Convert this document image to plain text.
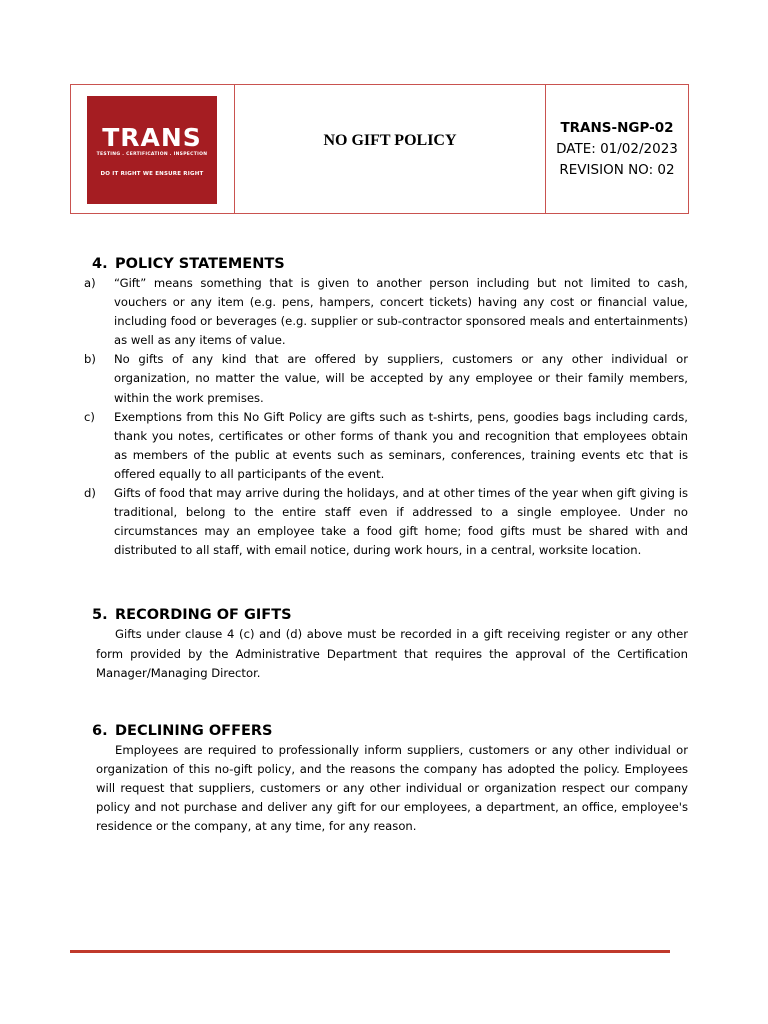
TRANS
TESTING . CERTIFICATION . INSPECTION
DO IT RIGHT WE ENSURE RIGHT
NO GIFT POLICY
TRANS-NGP-02
DATE: 01/02/2023
REVISION NO: 02
4. POLICY STATEMENTS
a)	“Gift” means something that is given to another person including but not limited to cash, vouchers or any item (e.g. pens, hampers, concert tickets) having any cost or financial value, including food or beverages (e.g. supplier or sub-contractor sponsored meals and entertainments) as well as any items of value.
b)	No gifts of any kind that are offered by suppliers, customers or any other individual or organization, no matter the value, will be accepted by any employee or their family members, within the work premises.
c)	Exemptions from this No Gift Policy are gifts such as t-shirts, pens, goodies bags including cards, thank you notes, certificates or other forms of thank you and recognition that employees obtain as members of the public at events such as seminars, conferences, training events etc that is offered equally to all participants of the event.
d)	Gifts of food that may arrive during the holidays, and at other times of the year when gift giving is traditional, belong to the entire staff even if addressed to a single employee. Under no circumstances may an employee take a food gift home; food gifts must be shared with and distributed to all staff, with email notice, during work hours, in a central, worksite location.
5. RECORDING OF GIFTS

Gifts under clause 4 (c) and (d) above must be recorded in a gift receiving register or any other form provided by the Administrative Department that requires the approval of the Certification Manager/Managing Director.

6. DECLINING OFFERS

Employees are required to professionally inform suppliers, customers or any other individual or organization of this no-gift policy, and the reasons the company has adopted the policy. Employees will request that suppliers, customers or any other individual or organization respect our company policy and not purchase and deliver any gift for our employees, a department, an office, employee's residence or the company, at any time, for any reason.
